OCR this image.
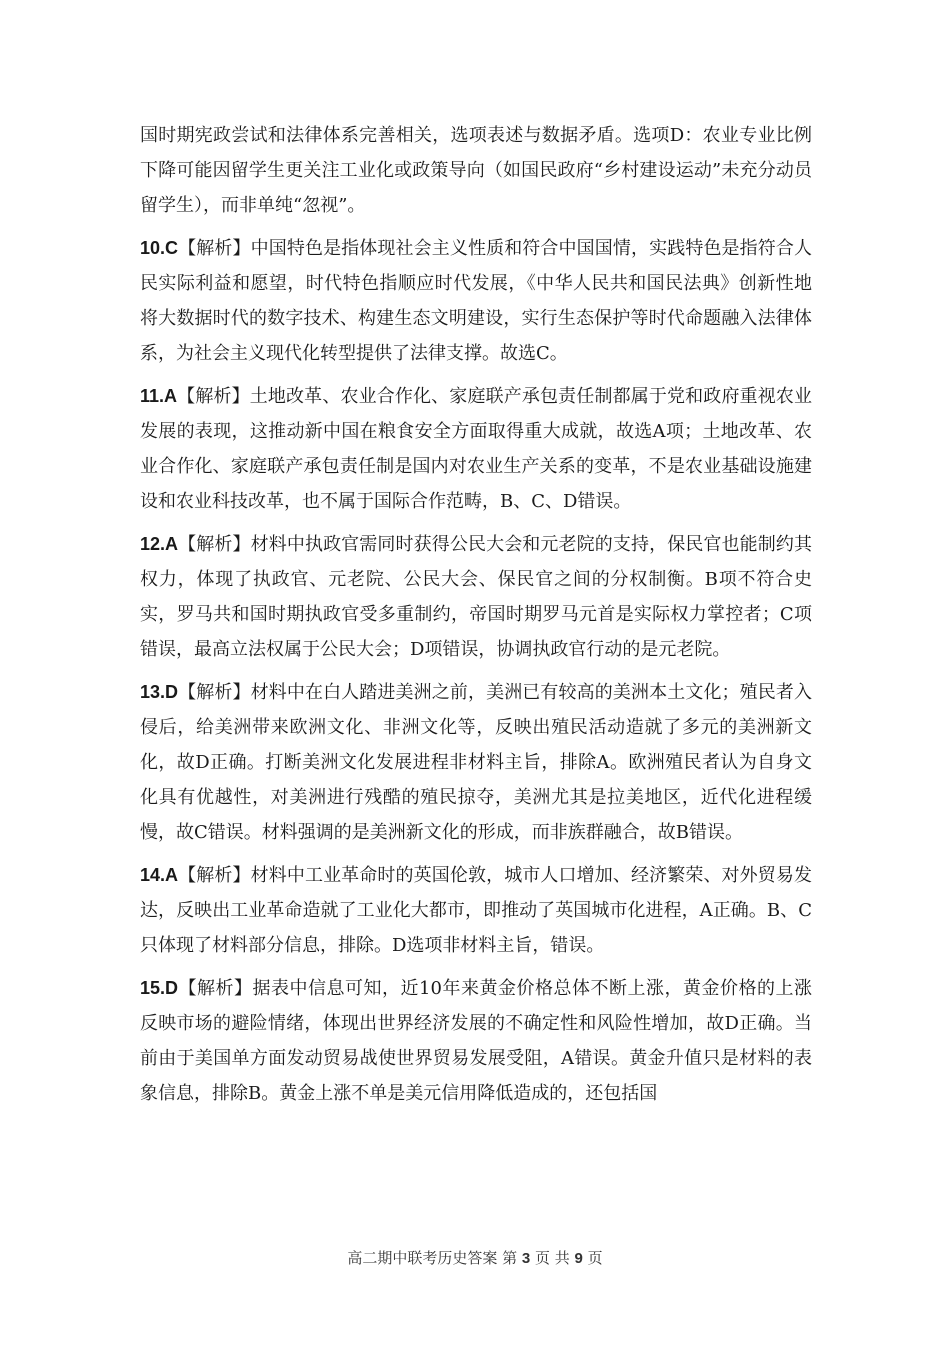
国时期宪政尝试和法律体系完善相关，选项表述与数据矛盾。选项D：农业专业比例下降可能因留学生更关注工业化或政策导向（如国民政府“乡村建设运动”未充分动员留学生），而非单纯“忽视”。

10.C【解析】中国特色是指体现社会主义性质和符合中国国情，实践特色是指符合人民实际利益和愿望，时代特色指顺应时代发展，《中华人民共和国民法典》创新性地将大数据时代的数字技术、构建生态文明建设，实行生态保护等时代命题融入法律体系，为社会主义现代化转型提供了法律支撑。故选C。

11.A【解析】土地改革、农业合作化、家庭联产承包责任制都属于党和政府重视农业发展的表现，这推动新中国在粮食安全方面取得重大成就，故选A项；土地改革、农业合作化、家庭联产承包责任制是国内对农业生产关系的变革，不是农业基础设施建设和农业科技改革，也不属于国际合作范畴，B、C、D错误。

12.A【解析】材料中执政官需同时获得公民大会和元老院的支持，保民官也能制约其权力，体现了执政官、元老院、公民大会、保民官之间的分权制衡。B项不符合史实，罗马共和国时期执政官受多重制约，帝国时期罗马元首是实际权力掌控者；C项错误，最高立法权属于公民大会；D项错误，协调执政官行动的是元老院。

13.D【解析】材料中在白人踏进美洲之前，美洲已有较高的美洲本土文化；殖民者入侵后，给美洲带来欧洲文化、非洲文化等，反映出殖民活动造就了多元的美洲新文化，故D正确。打断美洲文化发展进程非材料主旨，排除A。欧洲殖民者认为自身文化具有优越性，对美洲进行残酷的殖民掠夺，美洲尤其是拉美地区，近代化进程缓慢，故C错误。材料强调的是美洲新文化的形成，而非族群融合，故B错误。

14.A【解析】材料中工业革命时的英国伦敦，城市人口增加、经济繁荣、对外贸易发达，反映出工业革命造就了工业化大都市，即推动了英国城市化进程，A正确。B、C只体现了材料部分信息，排除。D选项非材料主旨，错误。

15.D【解析】据表中信息可知，近10年来黄金价格总体不断上涨，黄金价格的上涨反映市场的避险情绪，体现出世界经济发展的不确定性和风险性增加，故D正确。当前由于美国单方面发动贸易战使世界贸易发展受阻，A错误。黄金升值只是材料的表象信息，排除B。黄金上涨不单是美元信用降低造成的，还包括国

高二期中联考历史答案 第 3 页 共 9 页
